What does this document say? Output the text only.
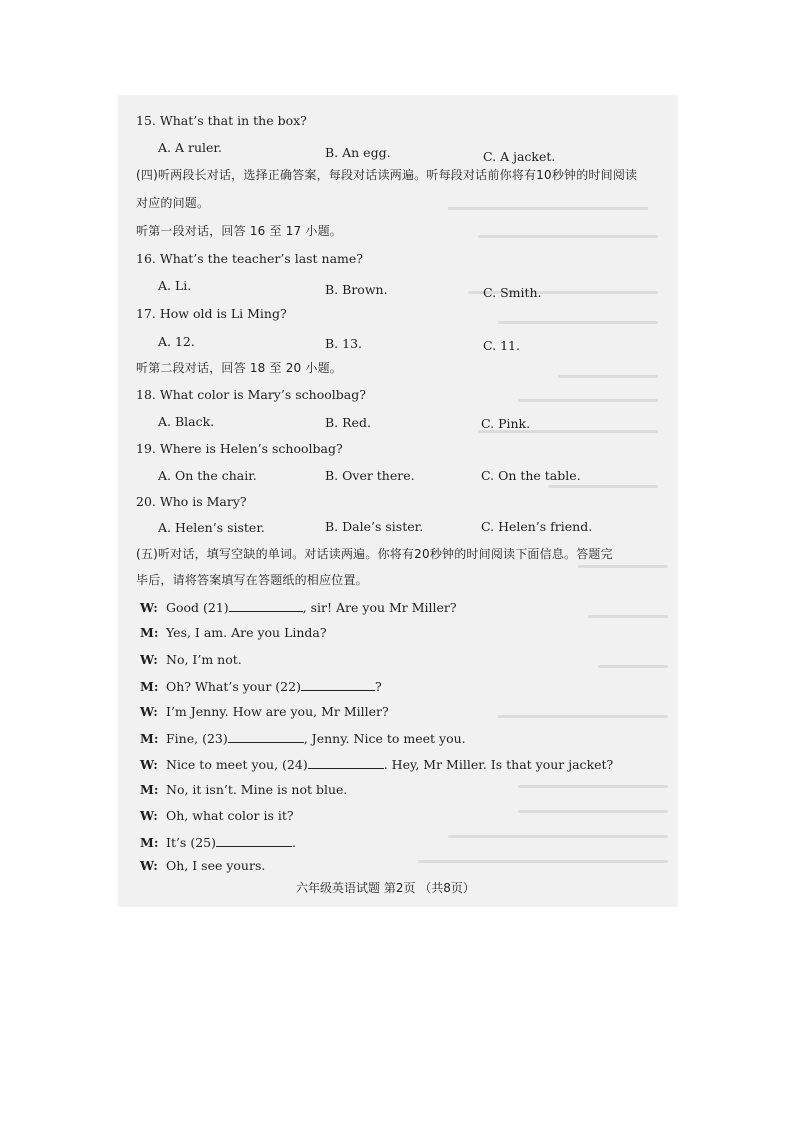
15. What’s that in the box?
A. A ruler.	B. An egg.	C. A jacket.
(四)听两段长对话，选择正确答案，每段对话读两遍。听每段对话前你将有10秒钟的时间阅读
对应的问题。
听第一段对话，回答 16 至 17 小题。
16. What’s the teacher’s last name?
A. Li.	B. Brown.	C. Smith.
17. How old is Li Ming?
A. 12.	B. 13.	C. 11.
听第二段对话，回答 18 至 20 小题。
18. What color is Mary’s schoolbag?
A. Black.	B. Red.	C. Pink.
19. Where is Helen’s schoolbag?
A. On the chair.	B. Over there.	C. On the table.
20. Who is Mary?
A. Helen’s sister.	B. Dale’s sister.	C. Helen’s friend.
(五)听对话，填写空缺的单词。对话读两遍。你将有20秒钟的时间阅读下面信息。答题完
毕后，请将答案填写在答题纸的相应位置。
W: Good (21)	, sir! Are you Mr Miller?
M: Yes, I am. Are you Linda?
W: No, I’m not.
M: Oh? What’s your (22)	?
W: I’m Jenny. How are you, Mr Miller?
M: Fine, (23)	, Jenny. Nice to meet you.
W: Nice to meet you, (24)	. Hey, Mr Miller. Is that your jacket?
M: No, it isn’t. Mine is not blue.
W: Oh, what color is it?
M: It’s (25)	.
W: Oh, I see yours.
六年级英语试题 第2页 （共8页）
